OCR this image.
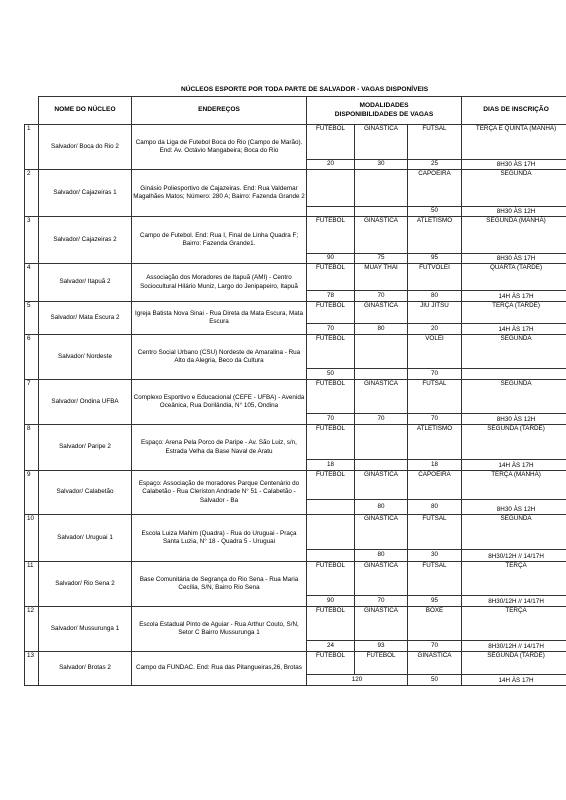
	NÚCLEOS ESPORTE POR TODA PARTE DE SALVADOR - VAGAS DISPONÍVEIS					
	NOME DO NÚCLEO	ENDEREÇOS	MODALIDADES
DISPONIBILIDADES DE VAGAS			DIAS DE INSCRIÇÃO
1	Salvador/ Boca do Rio 2	Campo da Liga de Futebol Boca do Rio (Campo de Marão). End: Av. Octávio Mangabeira; Boca do Rio	FUTEBOL	GINÁSTICA	FUTSAL	TERÇA E QUINTA (MANHÃ)
			20	30	25	8H30 ÀS 17H
2	Salvador/ Cajazeiras 1	Ginásio Poliesportivo de Cajazeiras. End: Rua Valdemar Magalhães Matos; Número: 280 A; Bairro: Fazenda Grande 2			CAPOEIRA	SEGUNDA
					50	8H30 ÀS 12H
3	Salvador/ Cajazeiras 2	Campo de Futebol. End: Rua I, Final de Linha Quadra F; Bairro: Fazenda Grande1.	FUTEBOL	GINÁSTICA	ATLETISMO	SEGUNDA (MANHÃ)
			90	75	95	8H30 ÀS 17H
4	Salvador/ Itapuã 2	Associação dos Moradores de Itapuã (AMI) - Centro Sociocultural Hilário Muniz, Largo do Jenipapeiro, Itapuã	FUTEBOL	MUAY THAI	FUTVOLEI	QUARTA (TARDE)
			78	70	80	14H ÀS 17H
5	Salvador/ Mata Escura 2	Igreja Batista Nova Sinai - Rua Direta da Mata Escura, Mata Escura	FUTEBOL	GINÁSTICA	JIU JITSU	TERÇA (TARDE)
			70	80	20	14H ÀS 17H
6	Salvador/ Nordeste	Centro Social Urbano (CSU) Nordeste de Amaralina - Rua Alto da Alegria, Beco da Cultura	FUTEBOL		VOLEI	SEGUNDA
			50		70	
7	Salvador/ Ondina UFBA	Complexo Esportivo e Educacional (CEFE - UFBA) - Avenida Oceânica, Rua Dorilândia, N° 105, Ondina	FUTEBOL	GINÁSTICA	FUTSAL	SEGUNDA
			70	70	70	8H30 ÀS 12H
8	Salvador/ Paripe 2	Espaço: Arena Pela Porco de Paripe - Av. São Luiz, s/n, Estrada Velha da Base Naval de Aratu	FUTEBOL		ATLETISMO	SEGUNDA (TARDE)
			18		18	14H ÀS 17H
9	Salvador/ Calabetão	Espaço: Associação de moradores Parque Centenário do Calabetão - Rua Cleriston Andrade N° 51 - Calabetão - Salvador - Ba	FUTEBOL	GINÁSTICA	CAPOEIRA	TERÇA (MANHÃ)
				80	80	8H30 ÀS 12H
10	Salvador/ Uruguai 1	Escola Luiza Mahim (Quadra) - Rua do Uruguai - Praça Santa Luzia, N° 18 - Quadra 5 - Uruguai		GINÁSTICA	FUTSAL	SEGUNDA
				80	30	8H30/12H // 14/17H
11	Salvador/ Rio Sena 2	Base Comunitária de Segrança do Rio Sena - Rua Maria Cecília, S/N, Bairro Rio Sena	FUTEBOL	GINÁSTICA	FUTSAL	TERÇA
			90	70	95	8H30/12H // 14/17H
12	Salvador/ Mussurunga 1	Escola Estadual Pinto de Aguiar - Rua Arthur Couto, S/N, Setor C Bairro Mussurunga 1	FUTEBOL	GINÁSTICA	BOXE	TERÇA
			24	93	70	8H30/12H // 14/17H
13	Salvador/ Brotas 2	Campo da FUNDAC. End: Rua das Pitangueiras,26, Brotas	FUTEBOL	FUTEBOL	GINÁSTICA	SEGUNDA (TARDE)
			120		50	14H ÀS 17H
